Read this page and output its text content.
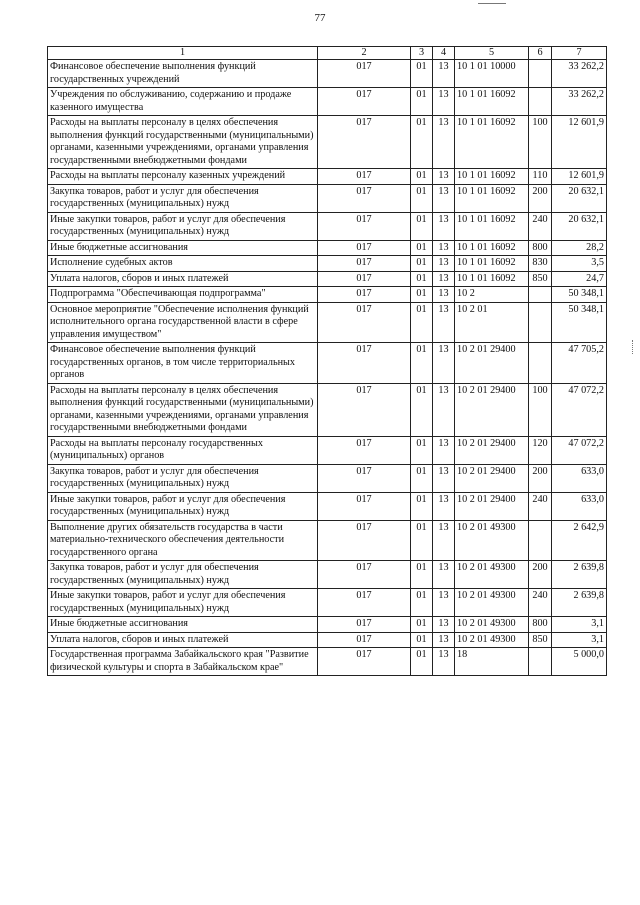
77
1	2	3	4	5	6	7
Финансовое обеспечение выполнения функций государственных учреждений	017	01	13	10 1 01 10000		33 262,2
Учреждения по обслуживанию, содержанию и продаже казенного имущества	017	01	13	10 1 01 16092		33 262,2
Расходы на выплаты персоналу в целях обеспечения выполнения функций государственными (муниципальными) органами, казенными учреждениями, органами управления государственными внебюджетными фондами	017	01	13	10 1 01 16092	100	12 601,9
Расходы на выплаты персоналу казенных учреждений	017	01	13	10 1 01 16092	110	12 601,9
Закупка товаров, работ и услуг для обеспечения государственных (муниципальных) нужд	017	01	13	10 1 01 16092	200	20 632,1
Иные закупки товаров, работ и услуг для обеспечения государственных (муниципальных) нужд	017	01	13	10 1 01 16092	240	20 632,1
Иные бюджетные ассигнования	017	01	13	10 1 01 16092	800	28,2
Исполнение судебных актов	017	01	13	10 1 01 16092	830	3,5
Уплата налогов, сборов и иных платежей	017	01	13	10 1 01 16092	850	24,7
Подпрограмма "Обеспечивающая подпрограмма"	017	01	13	10 2		50 348,1
Основное мероприятие "Обеспечение исполнения функций исполнительного органа государственной власти в сфере управления имуществом"	017	01	13	10 2 01		50 348,1
Финансовое обеспечение выполнения функций государственных органов, в том числе территориальных органов	017	01	13	10 2 01 29400		47 705,2
Расходы на выплаты персоналу в целях обеспечения выполнения функций государственными (муниципальными) органами, казенными учреждениями, органами управления государственными внебюджетными фондами	017	01	13	10 2 01 29400	100	47 072,2
Расходы на выплаты персоналу государственных (муниципальных) органов	017	01	13	10 2 01 29400	120	47 072,2
Закупка товаров, работ и услуг для обеспечения государственных (муниципальных) нужд	017	01	13	10 2 01 29400	200	633,0
Иные закупки товаров, работ и услуг для обеспечения государственных (муниципальных) нужд	017	01	13	10 2 01 29400	240	633,0
Выполнение других обязательств государства в части материально-технического обеспечения деятельности государственного органа	017	01	13	10 2 01 49300		2 642,9
Закупка товаров, работ и услуг для обеспечения государственных (муниципальных) нужд	017	01	13	10 2 01 49300	200	2 639,8
Иные закупки товаров, работ и услуг для обеспечения государственных (муниципальных) нужд	017	01	13	10 2 01 49300	240	2 639,8
Иные бюджетные ассигнования	017	01	13	10 2 01 49300	800	3,1
Уплата налогов, сборов и иных платежей	017	01	13	10 2 01 49300	850	3,1
Государственная программа Забайкальского края "Развитие физической культуры и спорта в Забайкальском крае"	017	01	13	18		5 000,0
